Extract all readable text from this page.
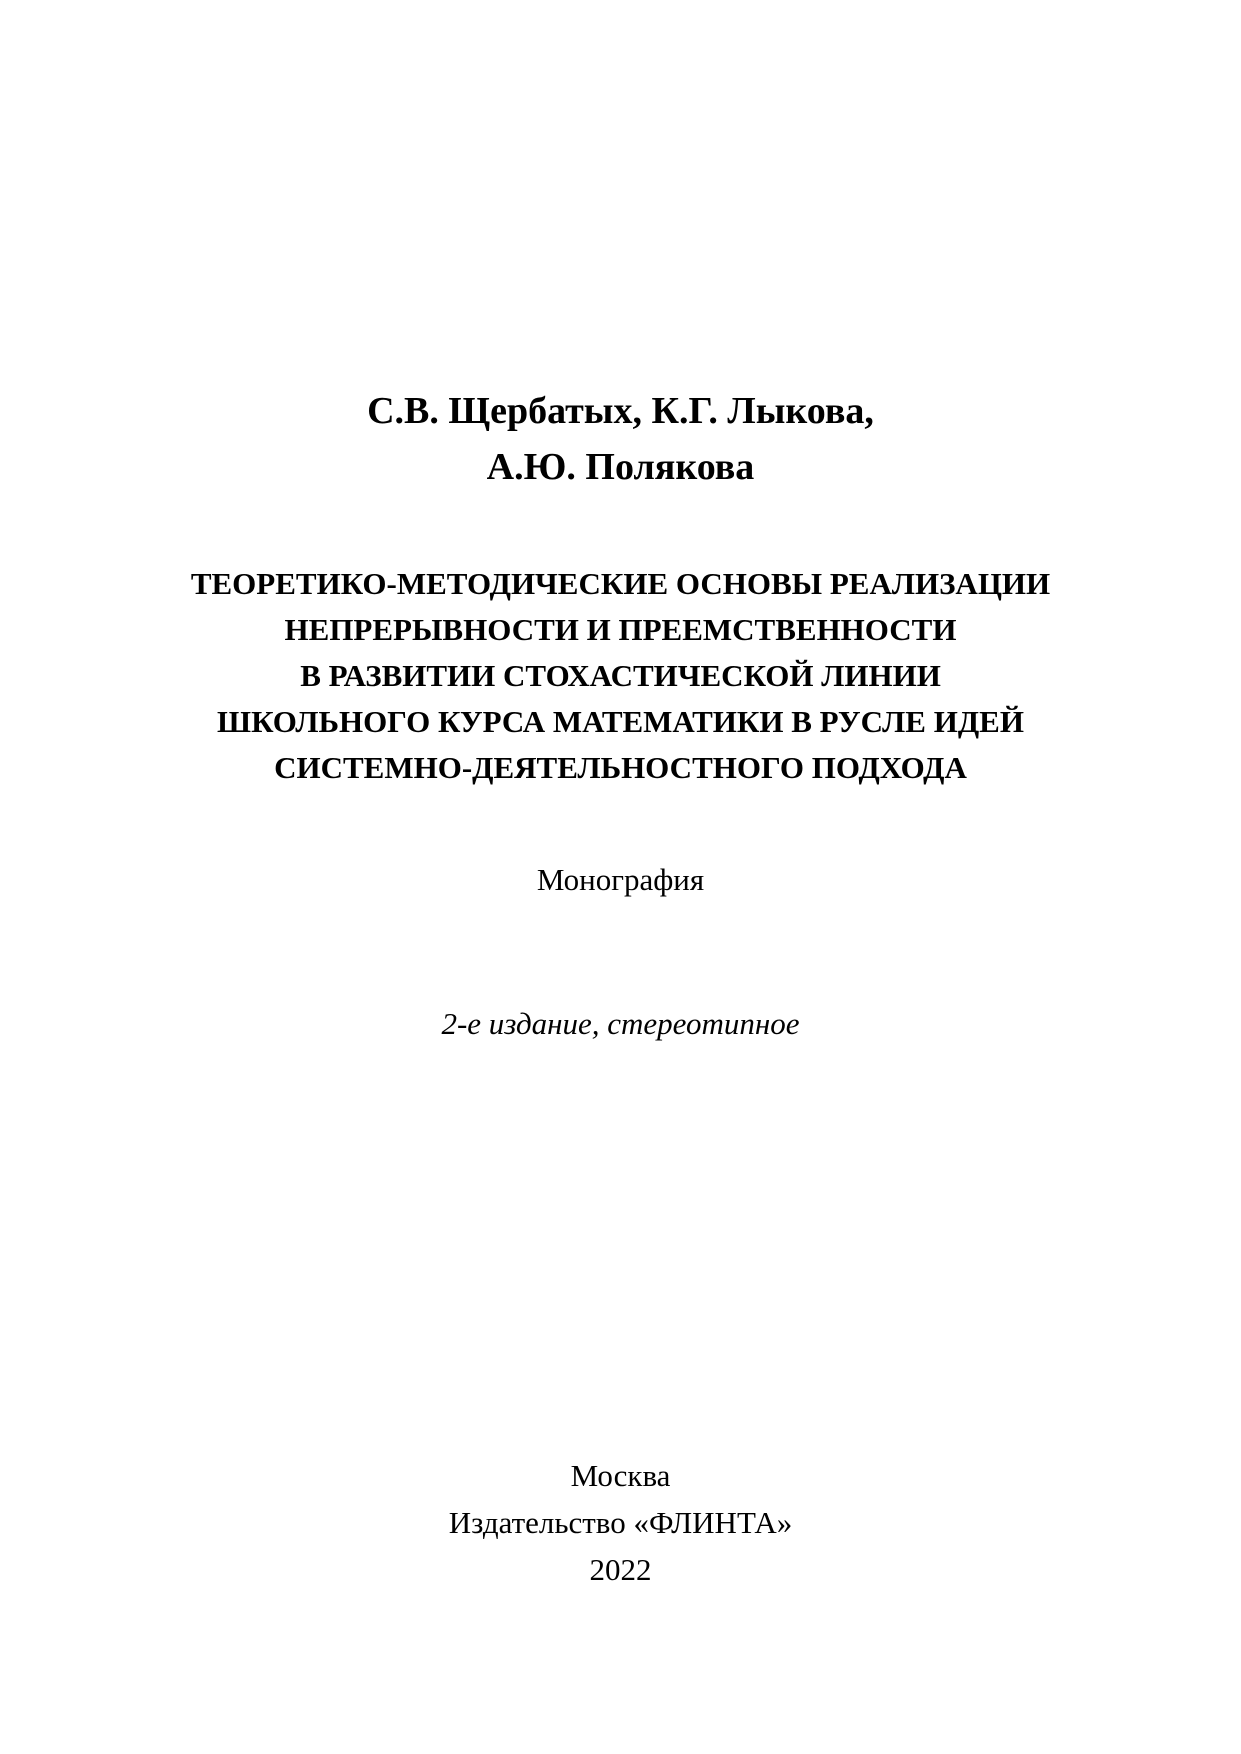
С.В. Щербатых, К.Г. Лыкова,
А.Ю. Полякова
ТЕОРЕТИКО-МЕТОДИЧЕСКИЕ ОСНОВЫ РЕАЛИЗАЦИИ
НЕПРЕРЫВНОСТИ И ПРЕЕМСТВЕННОСТИ
В РАЗВИТИИ СТОХАСТИЧЕСКОЙ ЛИНИИ
ШКОЛЬНОГО КУРСА МАТЕМАТИКИ В РУСЛЕ ИДЕЙ
СИСТЕМНО-ДЕЯТЕЛЬНОСТНОГО ПОДХОДА
Монография
2-е издание, стереотипное
Москва
Издательство «ФЛИНТА»
2022
